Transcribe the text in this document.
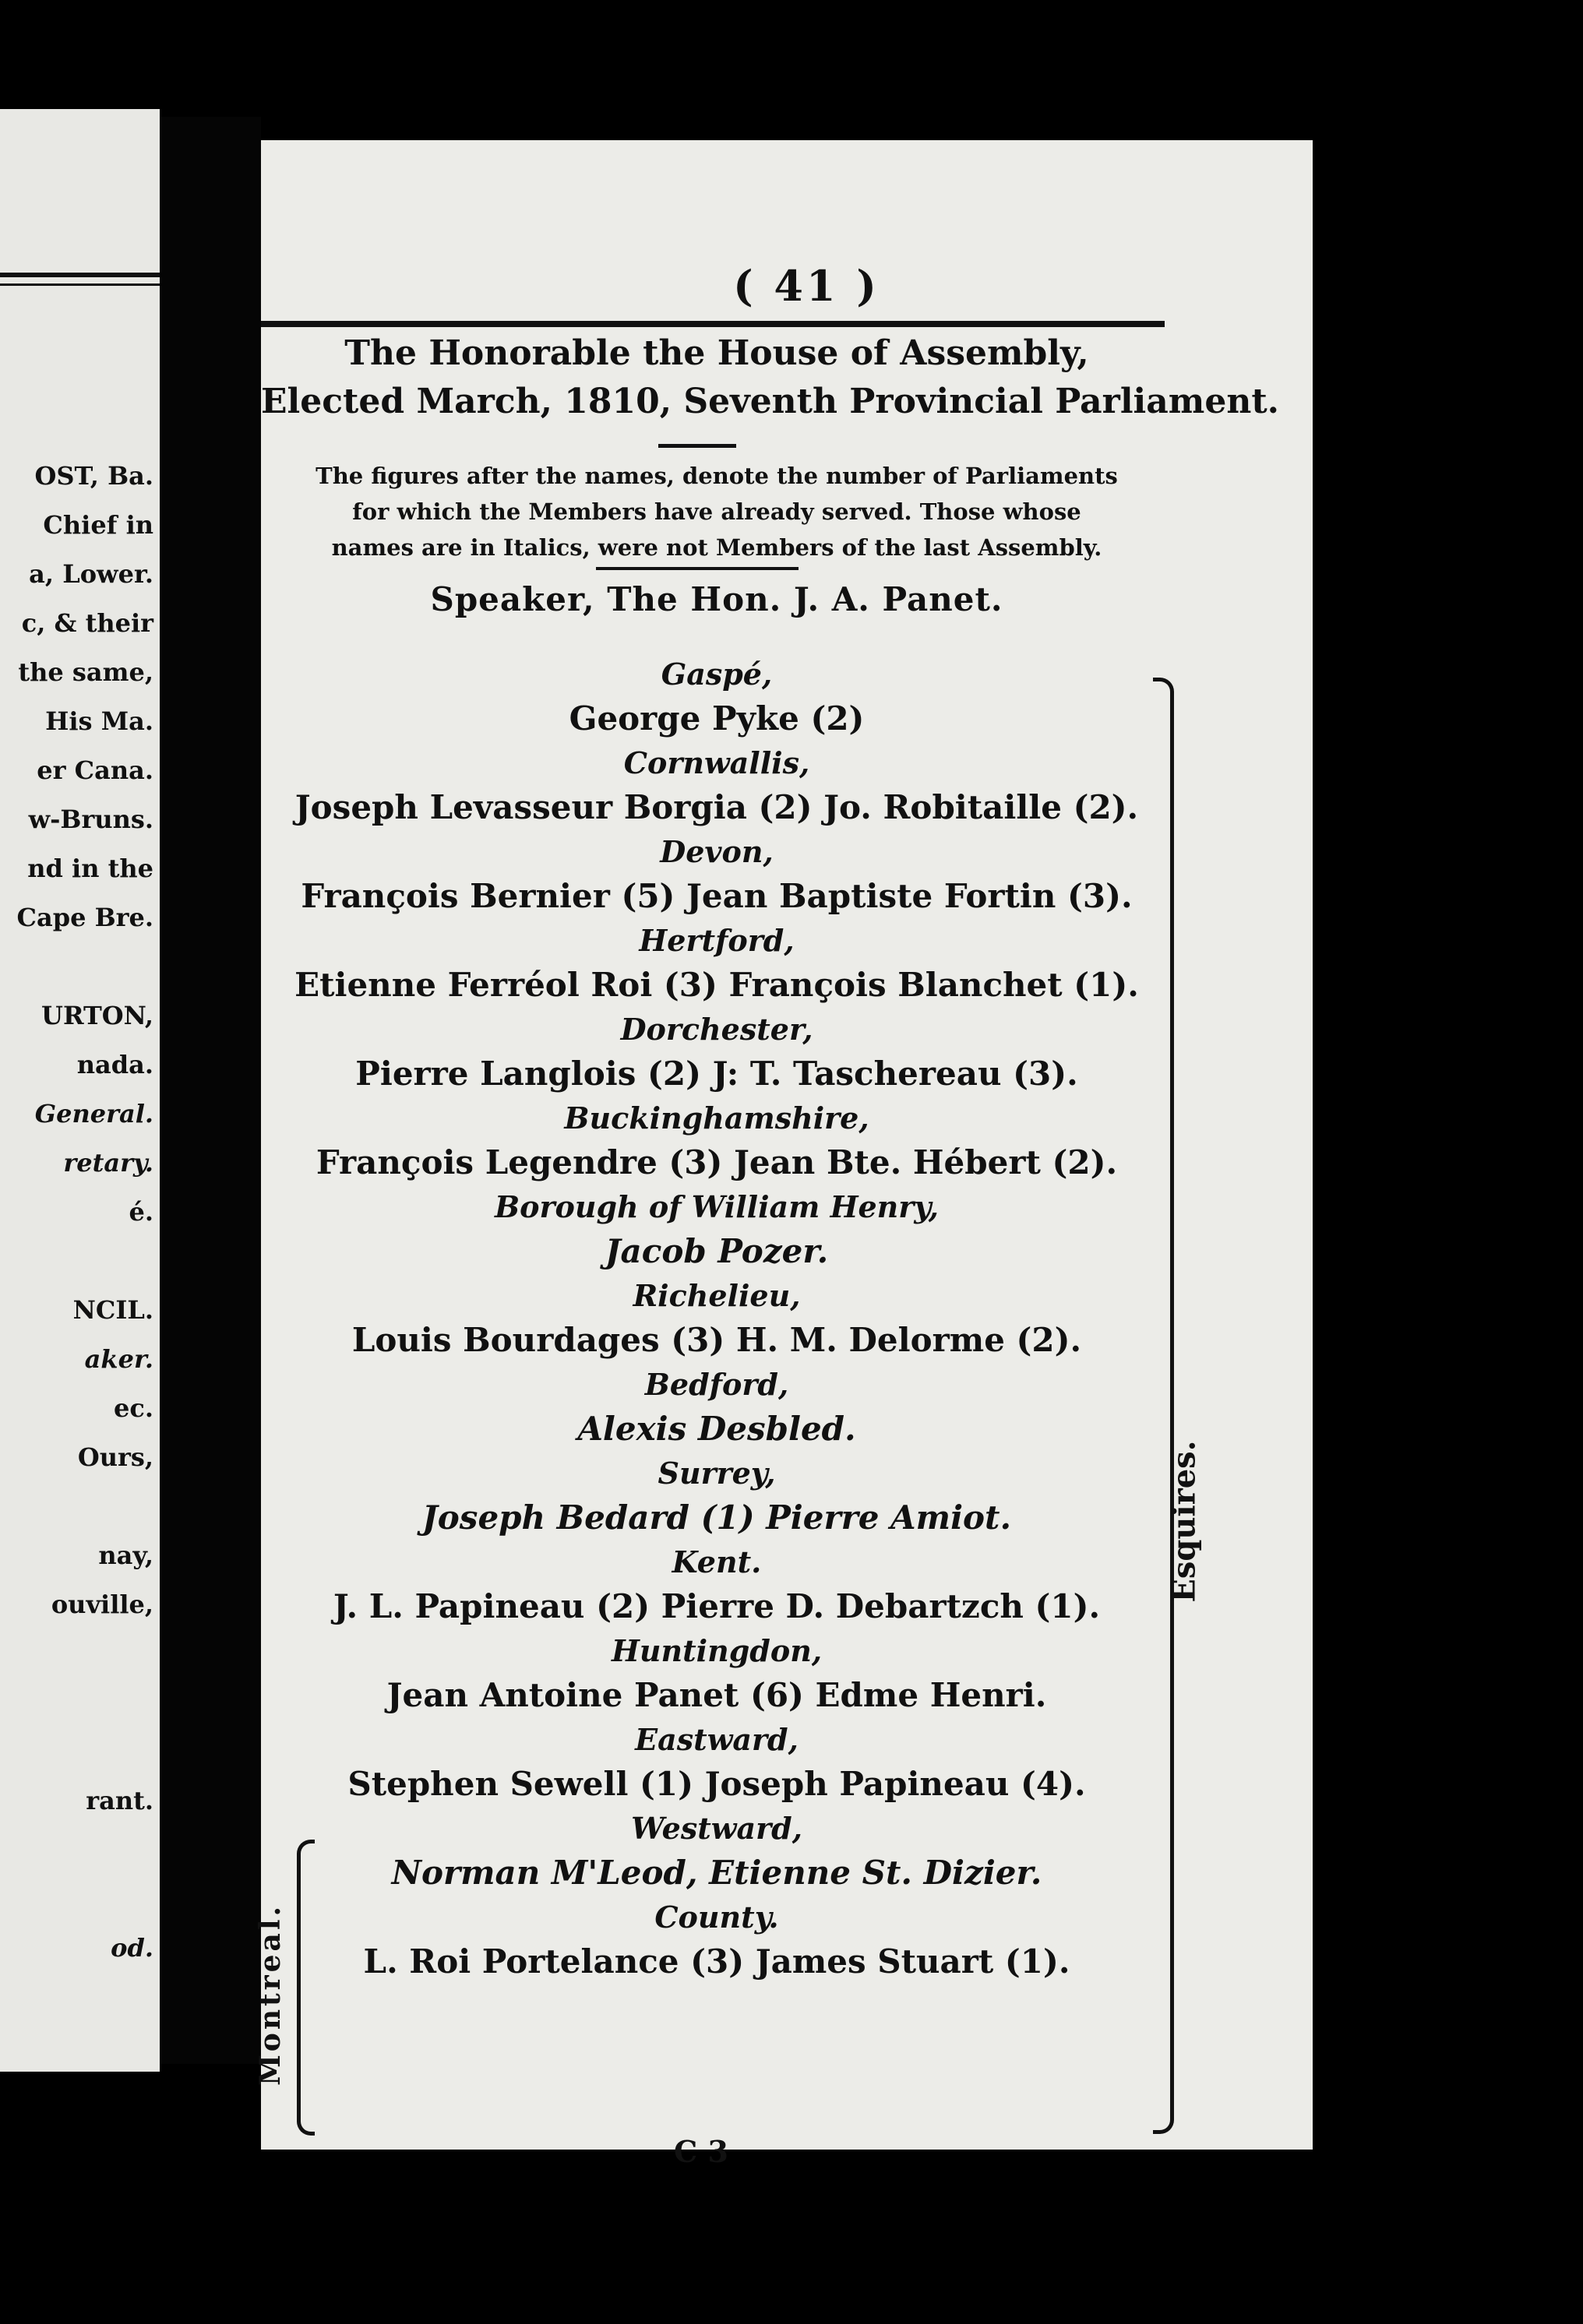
OST, Ba.
Chief in
a, Lower.
c, & their
the same,
His Ma.
er Cana.
w-Bruns.
nd in the
Cape Bre.

URTON,
nada.
General.
retary.
é.

NCIL.
aker.
ec.
Ours,

nay,
ouville,

rant.

od.
( 41 )
The Honorable the House of Assembly,
Elected March, 1810, Seventh Provincial Parliament.
The figures after the names, denote the number of Parliaments
for which the Members have already served. Those whose
names are in Italics, were not Members of the last Assembly.
Speaker, The Hon. J. A. Panet.
Gaspé,
George Pyke (2)
Cornwallis,
Joseph Levasseur Borgia (2) Jo. Robitaille (2).
Devon,
François Bernier (5) Jean Baptiste Fortin (3).
Hertford,
Etienne Ferréol Roi (3) François Blanchet (1).
Dorchester,
Pierre Langlois (2) J: T. Taschereau (3).
Buckinghamshire,
François Legendre (3) Jean Bte. Hébert (2).
Borough of William Henry,
Jacob Pozer.
Richelieu,
Louis Bourdages (3) H. M. Delorme (2).
Bedford,
Alexis Desbled.
Surrey,
Joseph Bedard (1) Pierre Amiot.
Kent.
J. L. Papineau (2) Pierre D. Debartzch (1).
Huntingdon,
Jean Antoine Panet (6) Edme Henri.
Eastward,
Stephen Sewell (1) Joseph Papineau (4).
Westward,
Norman M'Leod, Etienne St. Dizier.
County.
L. Roi Portelance (3) James Stuart (1).
Esquires.
Montreal.
C 3
